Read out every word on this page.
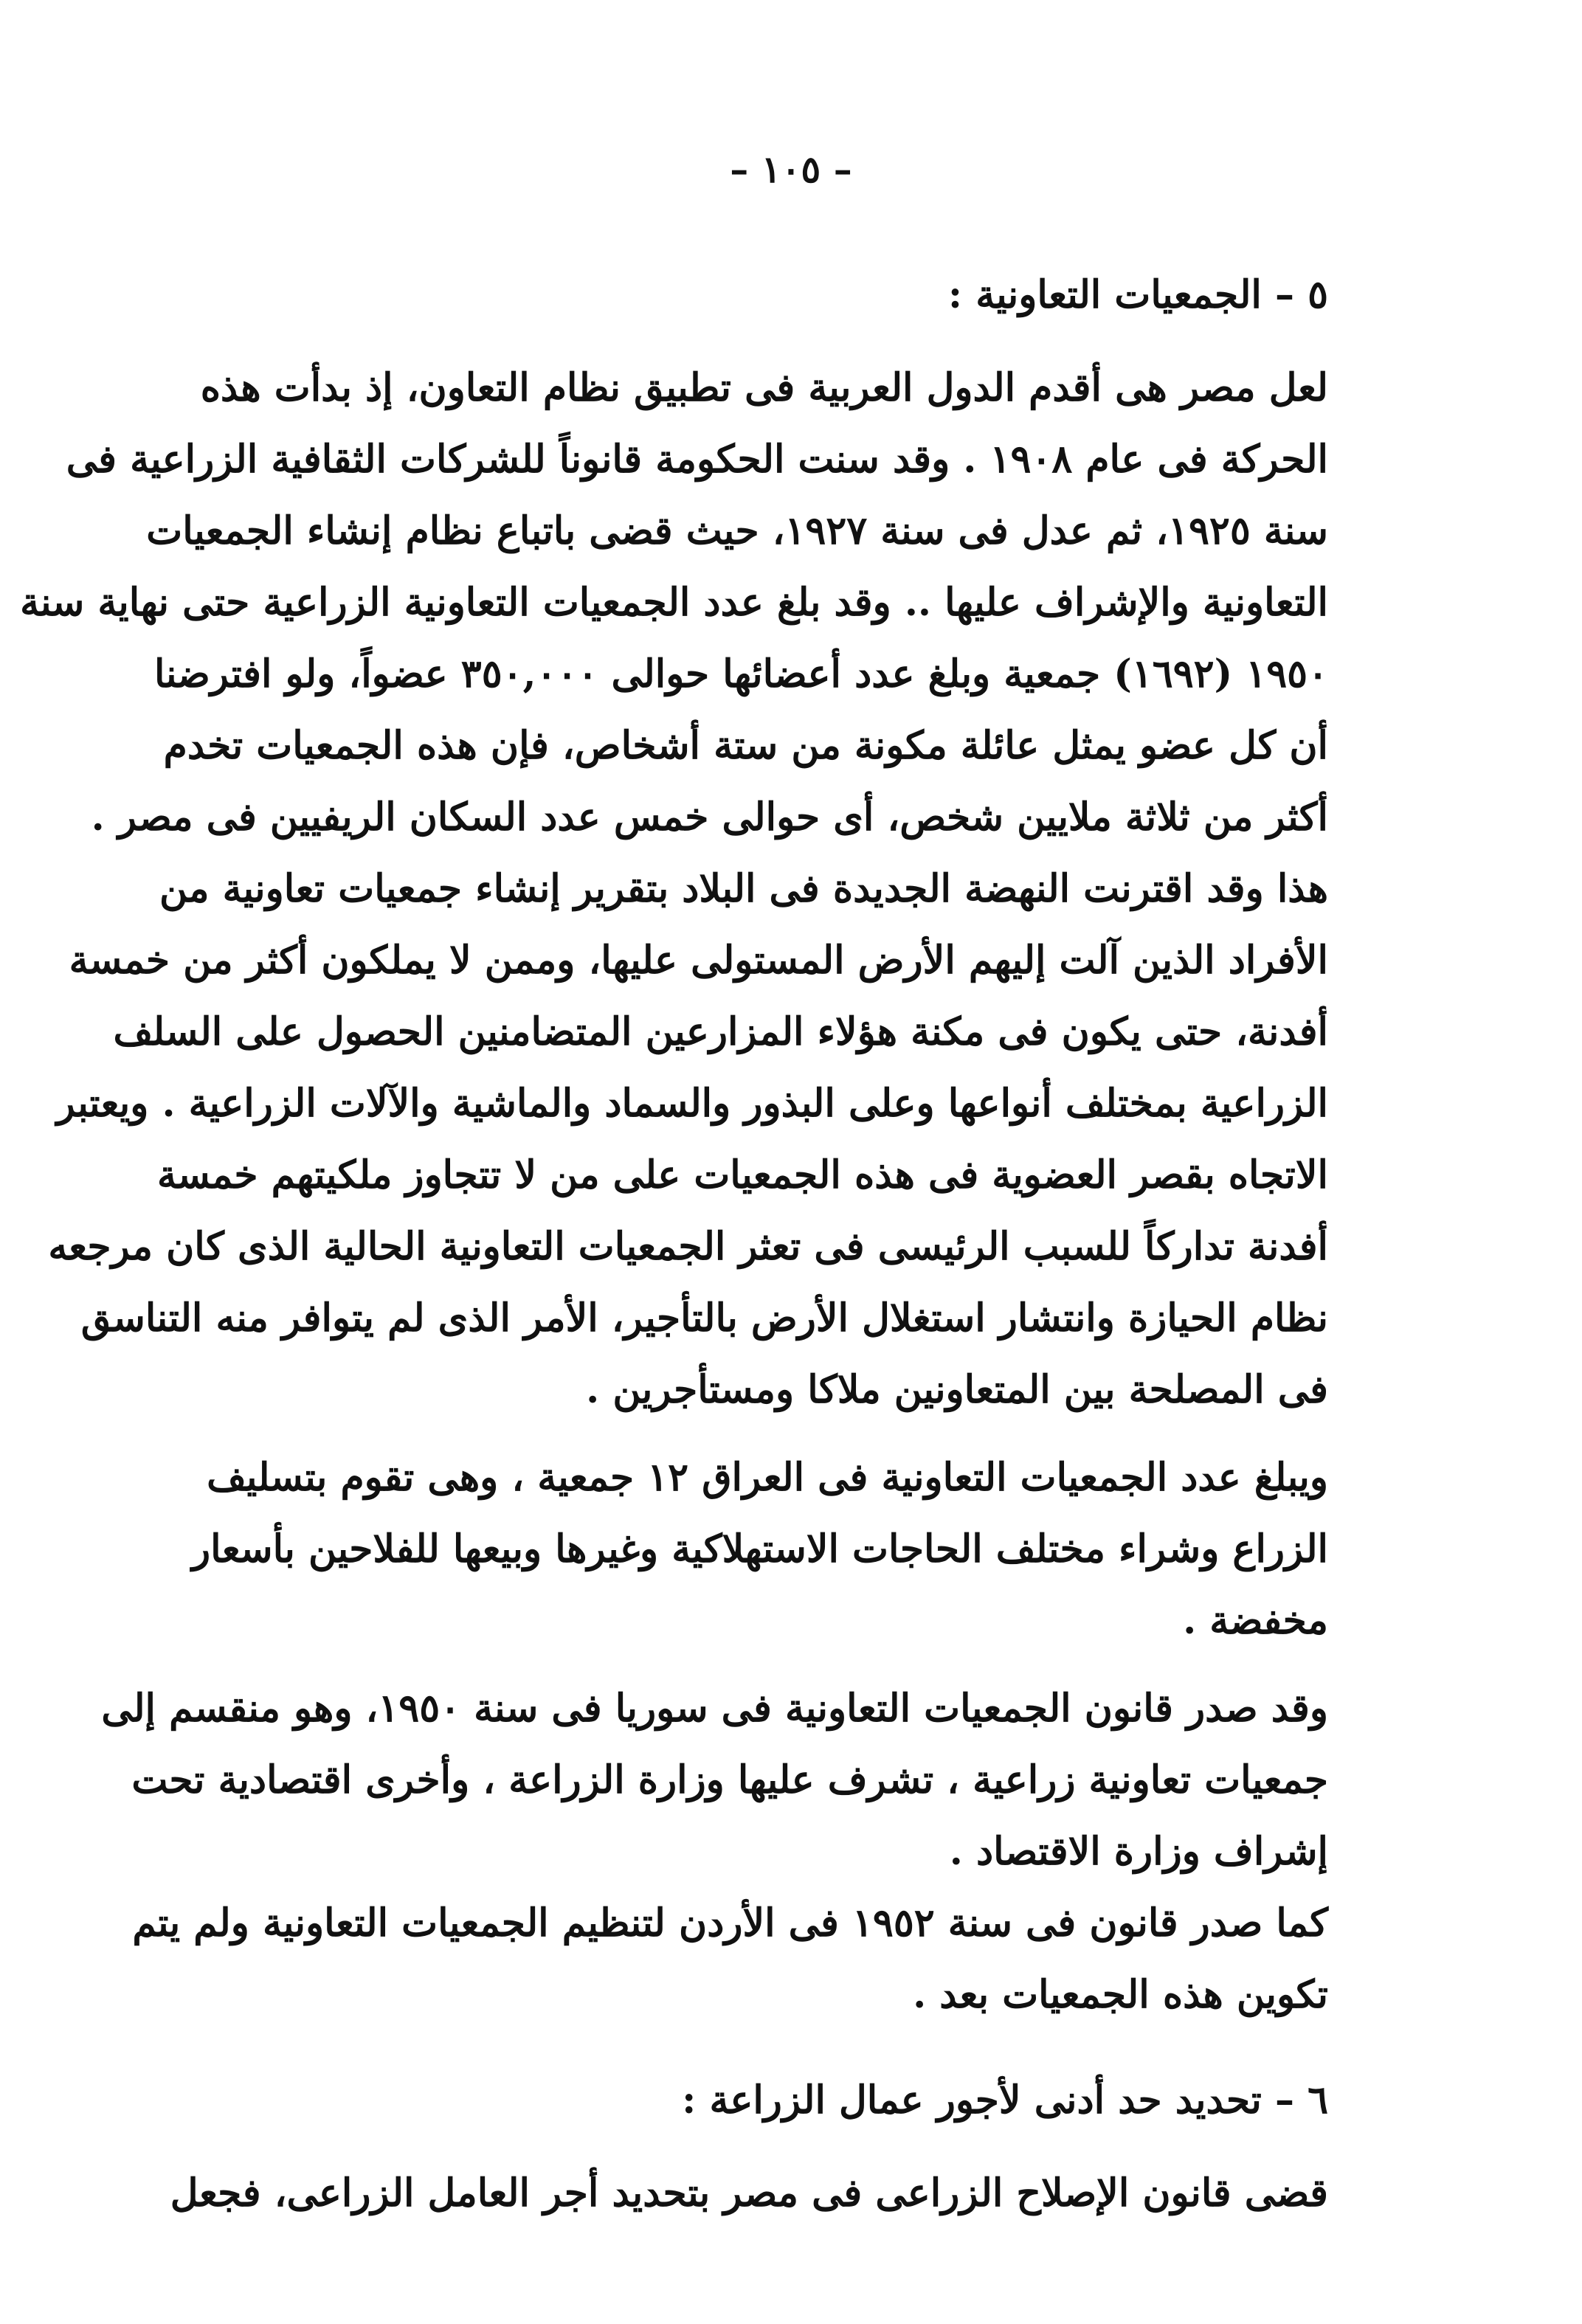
– ١٠٥ –
٥ – الجمعيات التعاونية :
لعل مصر هى أقدم الدول العربية فى تطبيق نظام التعاون، إذ بدأت هذه
الحركة فى عام ١٩٠٨ . وقد سنت الحكومة قانوناً للشركات الثقافية الزراعية فى
سنة ١٩٢٥، ثم عدل فى سنة ١٩٢٧، حيث قضى باتباع نظام إنشاء الجمعيات
التعاونية والإشراف عليها .. وقد بلغ عدد الجمعيات التعاونية الزراعية حتى نهاية سنة
١٩٥٠ (١٦٩٢) جمعية وبلغ عدد أعضائها حوالى ٣٥٠,٠٠٠ عضواً، ولو افترضنا
أن كل عضو يمثل عائلة مكونة من ستة أشخاص، فإن هذه الجمعيات تخدم
أكثر من ثلاثة ملايين شخص، أى حوالى خمس عدد السكان الريفيين فى مصر .
هذا وقد اقترنت النهضة الجديدة فى البلاد بتقرير إنشاء جمعيات تعاونية من
الأفراد الذين آلت إليهم الأرض المستولى عليها، وممن لا يملكون أكثر من خمسة
أفدنة، حتى يكون فى مكنة هؤلاء المزارعين المتضامنين الحصول على السلف
الزراعية بمختلف أنواعها وعلى البذور والسماد والماشية والآلات الزراعية . ويعتبر
الاتجاه بقصر العضوية فى هذه الجمعيات على من لا تتجاوز ملكيتهم خمسة
أفدنة تداركاً للسبب الرئيسى فى تعثر الجمعيات التعاونية الحالية الذى كان مرجعه
نظام الحيازة وانتشار استغلال الأرض بالتأجير، الأمر الذى لم يتوافر منه التناسق
فى المصلحة بين المتعاونين ملاكا ومستأجرين .
ويبلغ عدد الجمعيات التعاونية فى العراق ١٢ جمعية ، وهى تقوم بتسليف
الزراع وشراء مختلف الحاجات الاستهلاكية وغيرها وبيعها للفلاحين بأسعار
مخفضة .
وقد صدر قانون الجمعيات التعاونية فى سوريا فى سنة ١٩٥٠، وهو منقسم إلى
جمعيات تعاونية زراعية ، تشرف عليها وزارة الزراعة ، وأخرى اقتصادية تحت
إشراف وزارة الاقتصاد .
كما صدر قانون فى سنة ١٩٥٢ فى الأردن لتنظيم الجمعيات التعاونية ولم يتم
تكوين هذه الجمعيات بعد .
٦ – تحديد حد أدنى لأجور عمال الزراعة :
قضى قانون الإصلاح الزراعى فى مصر بتحديد أجر العامل الزراعى، فجعل
